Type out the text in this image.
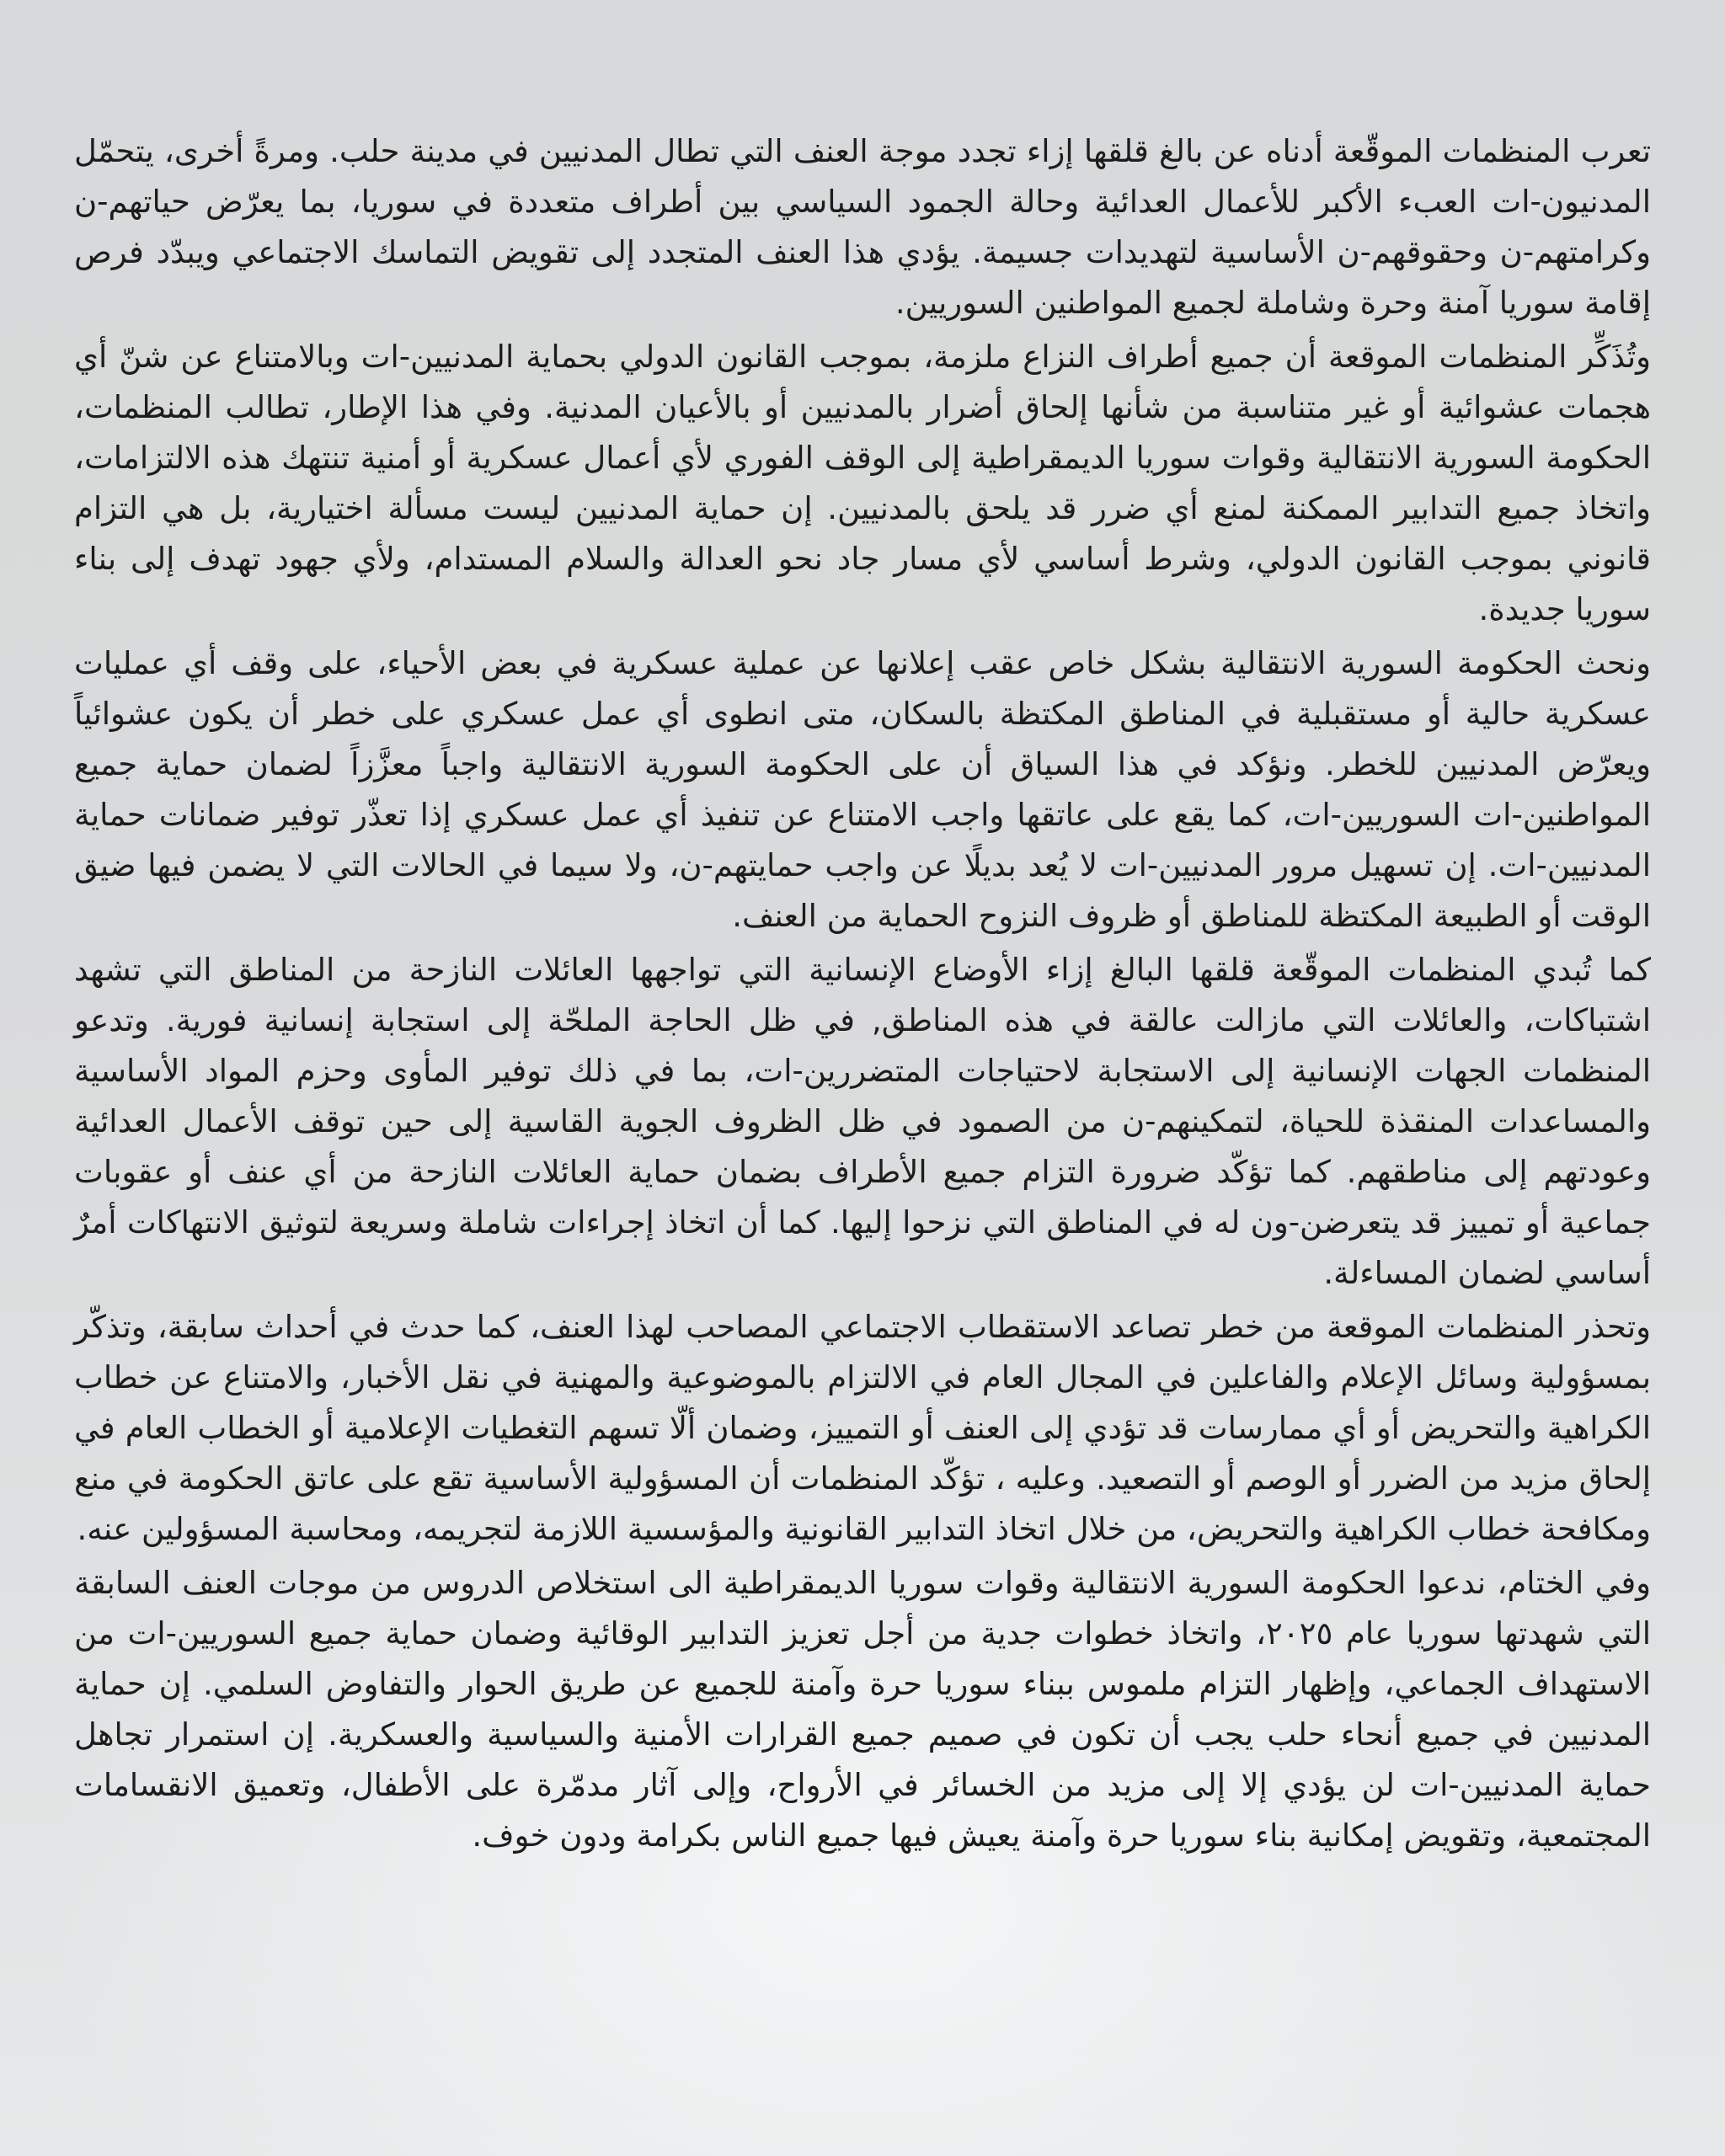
تعرب المنظمات الموقّعة أدناه عن بالغ قلقها إزاء تجدد موجة العنف التي تطال المدنيين في مدينة حلب. ومرةً أخرى، يتحمّل المدنيون-ات العبء الأكبر للأعمال العدائية وحالة الجمود السياسي بين أطراف متعددة في سوريا، بما يعرّض حياتهم-ن وكرامتهم-ن وحقوقهم-ن الأساسية لتهديدات جسيمة. يؤدي هذا العنف المتجدد إلى تقويض التماسك الاجتماعي ويبدّد فرص إقامة سوريا آمنة وحرة وشاملة لجميع المواطنين السوريين.

وتُذَكِّر المنظمات الموقعة أن جميع أطراف النزاع ملزمة، بموجب القانون الدولي بحماية المدنيين-ات وبالامتناع عن شنّ أي هجمات عشوائية أو غير متناسبة من شأنها إلحاق أضرار بالمدنيين أو بالأعيان المدنية. وفي هذا الإطار، تطالب المنظمات، الحكومة السورية الانتقالية وقوات سوريا الديمقراطية إلى الوقف الفوري لأي أعمال عسكرية أو أمنية تنتهك هذه الالتزامات، واتخاذ جميع التدابير الممكنة لمنع أي ضرر قد يلحق بالمدنيين. إن حماية المدنيين ليست مسألة اختيارية، بل هي التزام قانوني بموجب القانون الدولي، وشرط أساسي لأي مسار جاد نحو العدالة والسلام المستدام، ولأي جهود تهدف إلى بناء سوريا جديدة.

ونحث الحكومة السورية الانتقالية بشكل خاص عقب إعلانها عن عملية عسكرية في بعض الأحياء، على وقف أي عمليات عسكرية حالية أو مستقبلية في المناطق المكتظة بالسكان، متى انطوى أي عمل عسكري على خطر أن يكون عشوائياً ويعرّض المدنيين للخطر. ونؤكد في هذا السياق أن على الحكومة السورية الانتقالية واجباً معزَّزاً لضمان حماية جميع المواطنين-ات السوريين-ات، كما يقع على عاتقها واجب الامتناع عن تنفيذ أي عمل عسكري إذا تعذّر توفير ضمانات حماية المدنيين-ات. إن تسهيل مرور المدنيين-ات لا يُعد بديلًا عن واجب حمايتهم-ن، ولا سيما في الحالات التي لا يضمن فيها ضيق الوقت أو الطبيعة المكتظة للمناطق أو ظروف النزوح الحماية من العنف.

كما تُبدي المنظمات الموقّعة قلقها البالغ إزاء الأوضاع الإنسانية التي تواجهها العائلات النازحة من المناطق التي تشهد اشتباكات، والعائلات التي مازالت عالقة في هذه المناطق, في ظل الحاجة الملحّة إلى استجابة إنسانية فورية. وتدعو المنظمات الجهات الإنسانية إلى الاستجابة لاحتياجات المتضررين-ات، بما في ذلك توفير المأوى وحزم المواد الأساسية والمساعدات المنقذة للحياة، لتمكينهم-ن من الصمود في ظل الظروف الجوية القاسية إلى حين توقف الأعمال العدائية وعودتهم إلى مناطقهم. كما تؤكّد ضرورة التزام جميع الأطراف بضمان حماية العائلات النازحة من أي عنف أو عقوبات جماعية أو تمييز قد يتعرضن-ون له في المناطق التي نزحوا إليها. كما أن اتخاذ إجراءات شاملة وسريعة لتوثيق الانتهاكات أمرٌ أساسي لضمان المساءلة.

وتحذر المنظمات الموقعة من خطر تصاعد الاستقطاب الاجتماعي المصاحب لهذا العنف، كما حدث في أحداث سابقة، وتذكّر بمسؤولية وسائل الإعلام والفاعلين في المجال العام في الالتزام بالموضوعية والمهنية في نقل الأخبار، والامتناع عن خطاب الكراهية والتحريض أو أي ممارسات قد تؤدي إلى العنف أو التمييز، وضمان ألّا تسهم التغطيات الإعلامية أو الخطاب العام في إلحاق مزيد من الضرر أو الوصم أو التصعيد. وعليه ، تؤكّد المنظمات أن المسؤولية الأساسية تقع على عاتق الحكومة في منع ومكافحة خطاب الكراهية والتحريض، من خلال اتخاذ التدابير القانونية والمؤسسية اللازمة لتجريمه، ومحاسبة المسؤولين عنه.

وفي الختام، ندعوا الحكومة السورية الانتقالية وقوات سوريا الديمقراطية الى استخلاص الدروس من موجات العنف السابقة التي شهدتها سوريا عام ٢٠٢٥، واتخاذ خطوات جدية من أجل تعزيز التدابير الوقائية وضمان حماية جميع السوريين-ات من الاستهداف الجماعي، وإظهار التزام ملموس ببناء سوريا حرة وآمنة للجميع عن طريق الحوار والتفاوض السلمي. إن حماية المدنيين في جميع أنحاء حلب يجب أن تكون في صميم جميع القرارات الأمنية والسياسية والعسكرية. إن استمرار تجاهل حماية المدنيين-ات لن يؤدي إلا إلى مزيد من الخسائر في الأرواح، وإلى آثار مدمّرة على الأطفال، وتعميق الانقسامات المجتمعية، وتقويض إمكانية بناء سوريا حرة وآمنة يعيش فيها جميع الناس بكرامة ودون خوف.
